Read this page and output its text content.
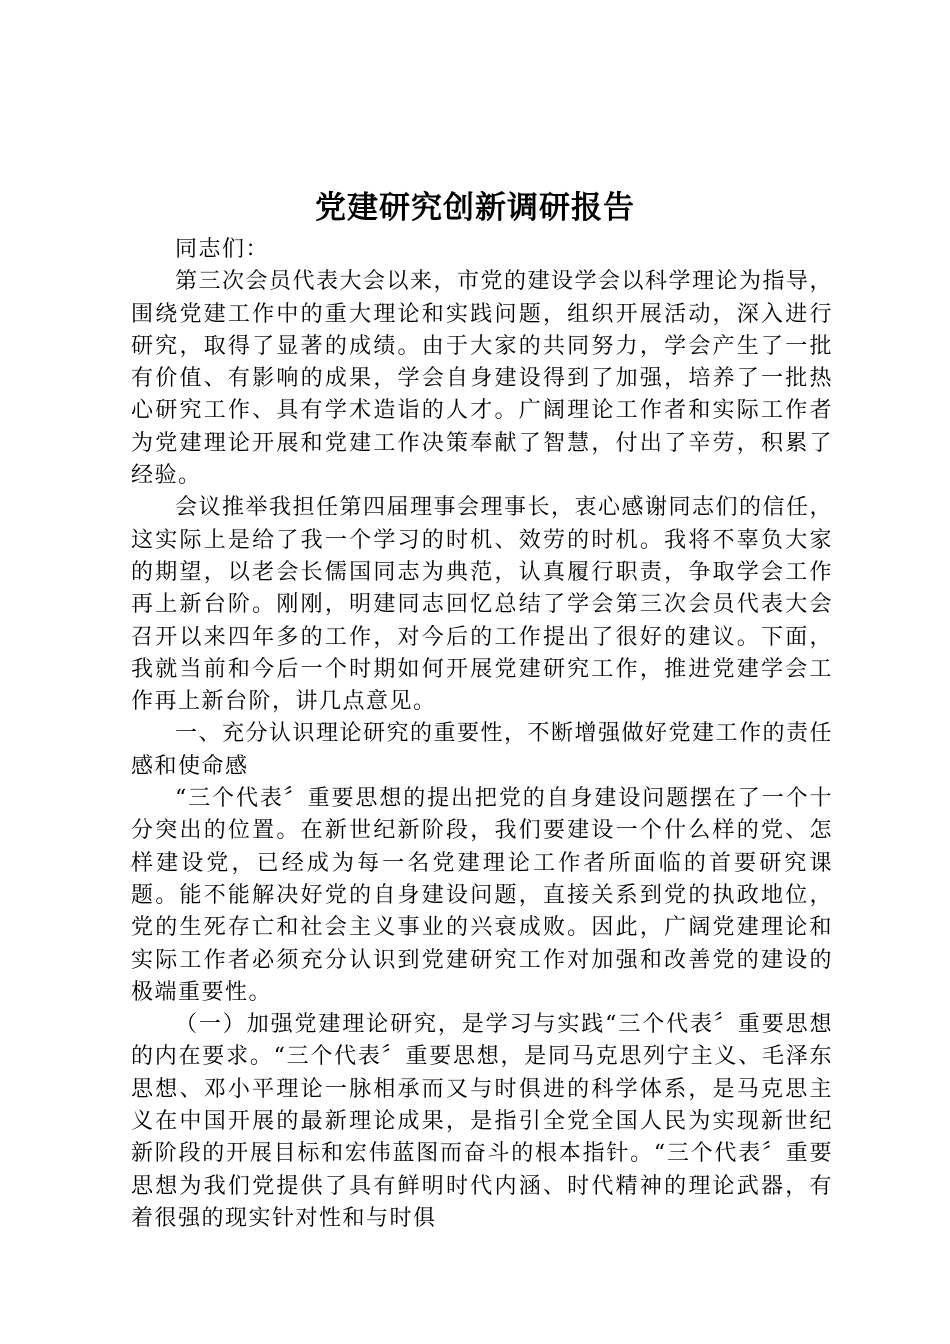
党建研究创新调研报告

同志们：

第三次会员代表大会以来，市党的建设学会以科学理论为指导，围绕党建工作中的重大理论和实践问题，组织开展活动，深入进行研究，取得了显著的成绩。由于大家的共同努力，学会产生了一批有价值、有影响的成果，学会自身建设得到了加强，培养了一批热心研究工作、具有学术造诣的人才。广阔理论工作者和实际工作者为党建理论开展和党建工作决策奉献了智慧，付出了辛劳，积累了经验。

会议推举我担任第四届理事会理事长，衷心感谢同志们的信任，这实际上是给了我一个学习的时机、效劳的时机。我将不辜负大家的期望，以老会长儒国同志为典范，认真履行职责，争取学会工作再上新台阶。刚刚，明建同志回忆总结了学会第三次会员代表大会召开以来四年多的工作，对今后的工作提出了很好的建议。下面，我就当前和今后一个时期如何开展党建研究工作，推进党建学会工作再上新台阶，讲几点意见。

一、充分认识理论研究的重要性，不断增强做好党建工作的责任感和使命感

“三个代表〞重要思想的提出把党的自身建设问题摆在了一个十分突出的位置。在新世纪新阶段，我们要建设一个什么样的党、怎样建设党，已经成为每一名党建理论工作者所面临的首要研究课题。能不能解决好党的自身建设问题，直接关系到党的执政地位，党的生死存亡和社会主义事业的兴衰成败。因此，广阔党建理论和实际工作者必须充分认识到党建研究工作对加强和改善党的建设的极端重要性。

（一）加强党建理论研究，是学习与实践“三个代表〞重要思想的内在要求。“三个代表〞重要思想，是同马克思列宁主义、毛泽东思想、邓小平理论一脉相承而又与时俱进的科学体系，是马克思主义在中国开展的最新理论成果，是指引全党全国人民为实现新世纪新阶段的开展目标和宏伟蓝图而奋斗的根本指针。“三个代表〞重要思想为我们党提供了具有鲜明时代内涵、时代精神的理论武器，有着很强的现实针对性和与时俱
